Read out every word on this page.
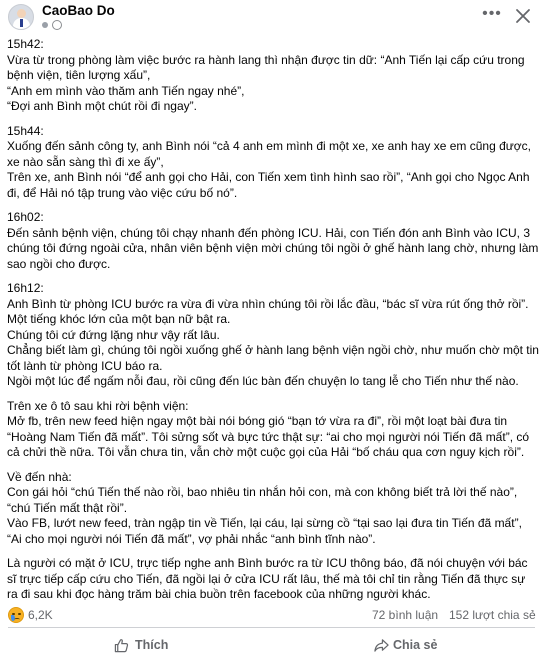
CaoBao Do	•••

15h42:
Vừa từ trong phòng làm việc bước ra hành lang thì nhận được tin dữ: “Anh Tiến lại cấp cứu trong bệnh viện, tiên lượng xấu”,
“Anh em mình vào thăm anh Tiến ngay nhé”,
“Đợi anh Bình một chút rồi đi ngay”.

15h44:
Xuống đến sảnh công ty, anh Bình nói “cả 4 anh em mình đi một xe, xe anh hay xe em cũng được, xe nào sẵn sàng thì đi xe ấy”,
Trên xe, anh Bình nói “để anh gọi cho Hải, con Tiến xem tình hình sao rồi”, “Anh gọi cho Ngọc Anh đi, để Hải nó tập trung vào việc cứu bố nó”.

16h02:
Đến sảnh bệnh viện, chúng tôi chạy nhanh đến phòng ICU. Hải, con Tiến đón anh Bình vào ICU, 3 chúng tôi đứng ngoài cửa, nhân viên bệnh viện mời chúng tôi ngồi ở ghế hành lang chờ, nhưng làm sao ngồi cho được.

16h12:
Anh Bình từ phòng ICU bước ra vừa đi vừa nhìn chúng tôi rồi lắc đầu, “bác sĩ vừa rút ống thở rồi”.
Một tiếng khóc lớn của một bạn nữ bật ra.
Chúng tôi cứ đứng lặng như vậy rất lâu.
Chẳng biết làm gì, chúng tôi ngồi xuống ghế ở hành lang bệnh viện ngồi chờ, như muốn chờ một tin tốt lành từ phòng ICU báo ra.
Ngồi một lúc để ngấm nỗi đau, rồi cũng đến lúc bàn đến chuyện lo tang lễ cho Tiến như thế nào.

Trên xe ô tô sau khi rời bệnh viện:
Mở fb, trên new feed hiện ngay một bài nói bóng gió “bạn tớ vừa ra đi”, rồi một loạt bài đưa tin “Hoàng Nam Tiến đã mất”. Tôi sửng sốt và bực tức thật sự: “ai cho mọi người nói Tiến đã mất”, có cả chửi thề nữa. Tôi vẫn chưa tin, vẫn chờ một cuộc gọi của Hải “bố cháu qua cơn nguy kịch rồi”.

Về đến nhà:
Con gái hỏi “chú Tiến thế nào rồi, bao nhiêu tin nhắn hỏi con, mà con không biết trả lời thế nào”,
“chú Tiến mất thật rồi”.
Vào FB, lướt new feed, tràn ngập tin về Tiến, lại cáu, lại sừng cồ “tại sao lại đưa tin Tiến đã mất”, “Ai cho mọi người nói Tiến đã mất”, vợ phải nhắc “anh bình tĩnh nào”.

Là người có mặt ở ICU, trực tiếp nghe anh Bình bước ra từ ICU thông báo, đã nói chuyện với bác sĩ trực tiếp cấp cứu cho Tiến, đã ngồi lại ở cửa ICU rất lâu, thế mà tôi chỉ tin rằng Tiến đã thực sự ra đi sau khi đọc hàng trăm bài chia buồn trên facebook của những người khác.

6,2K	72 bình luận 152 lượt chia sẻ
Thích	Chia sẻ
